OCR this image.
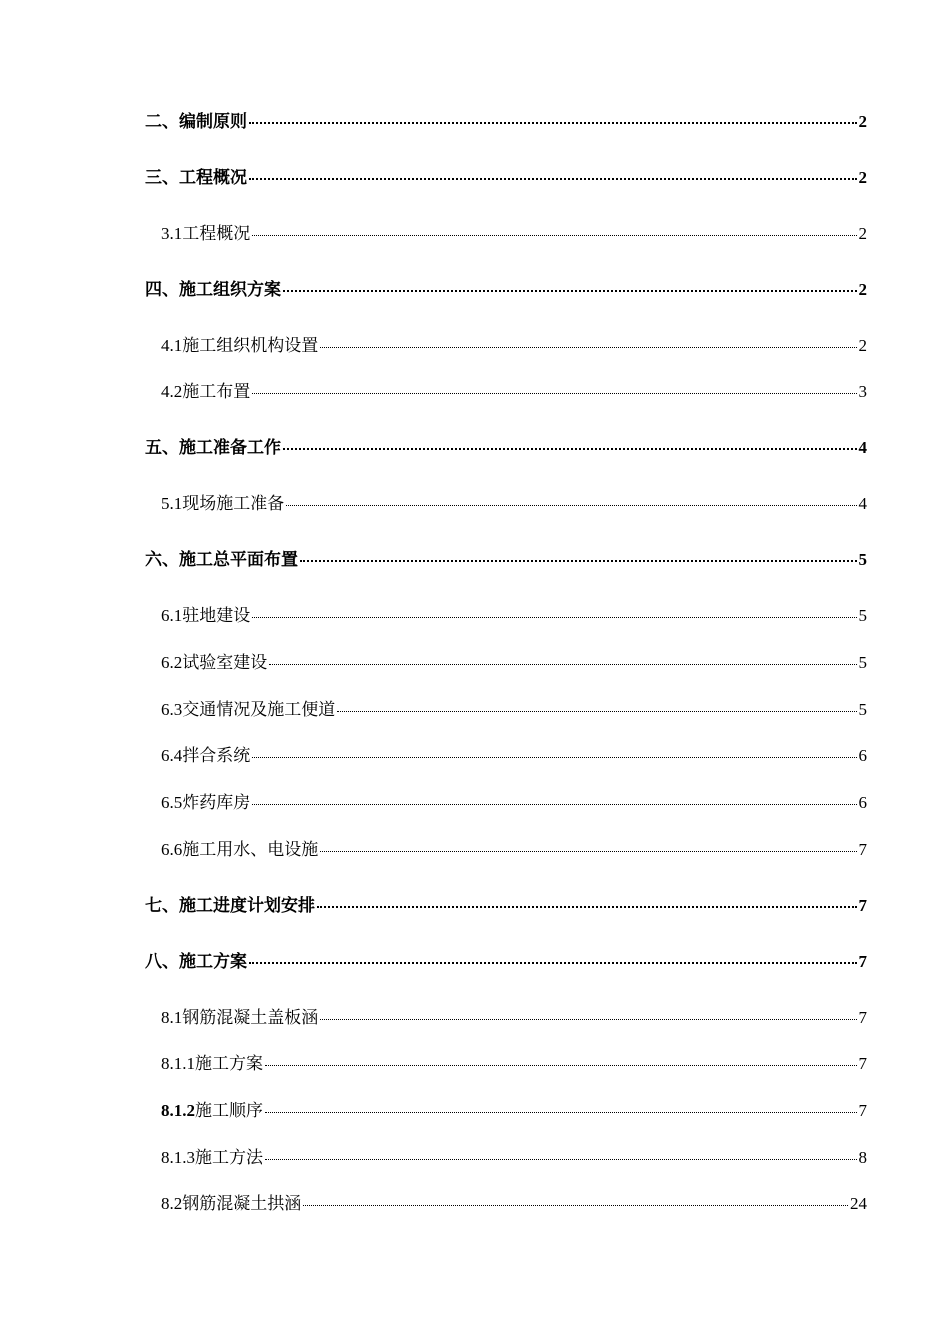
二、 编制原则	2
三、 工程概况	2
3.1 工程概况	2
四、 施工组织方案	2
4.1 施工组织机构设置	2
4.2 施工布置	3
五、 施工准备工作	4
5.1 现场施工准备	4
六、 施工总平面布置	5
6.1 驻地建设	5
6.2 试验室建设	5
6.3 交通情况及施工便道	5
6.4 拌合系统	6
6.5 炸药库房	6
6.6 施工用水、电设施	7
七、 施工进度计划安排	7
八、 施工方案	7
8.1 钢筋混凝土盖板涵	7
8.1.1 施工方案	7
8.1.2 施工顺序	7
8.1.3 施工方法	8
8.2 钢筋混凝土拱涵	24
